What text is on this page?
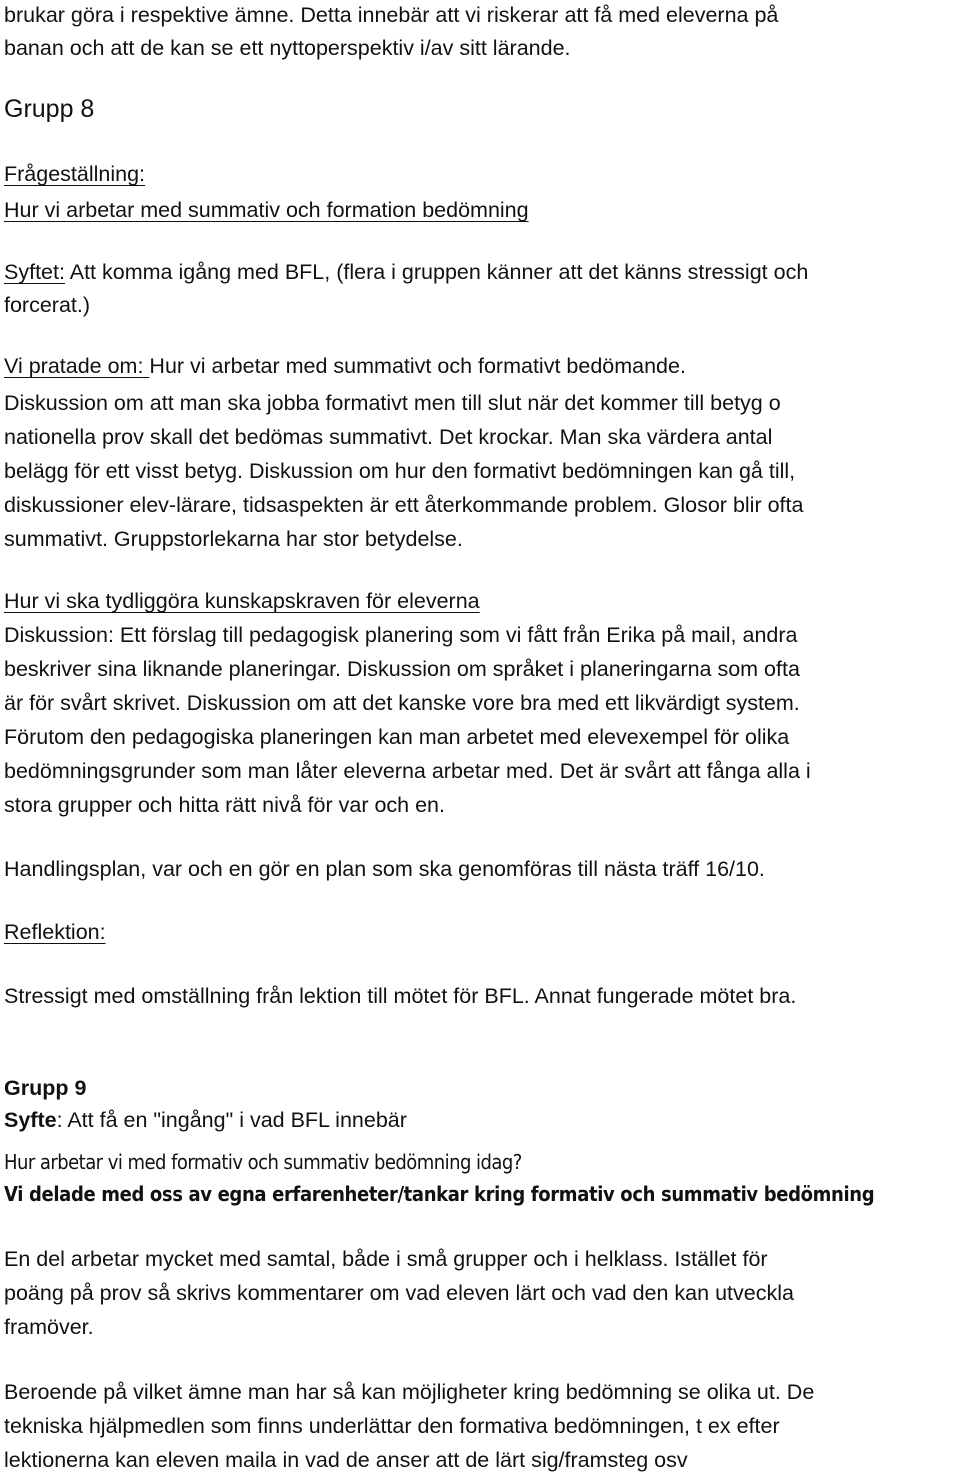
brukar göra i respektive ämne. Detta innebär att vi riskerar att få med eleverna på
banan och att de kan se ett nyttoperspektiv i/av sitt lärande.
Grupp 8
Frågeställning:
Hur vi arbetar med summativ och formation bedömning
Syftet: Att komma igång med BFL, (flera i gruppen känner att det känns stressigt och
forcerat.)
Vi pratade om: Hur vi arbetar med summativt och formativt bedömande.
Diskussion om att man ska jobba formativt men till slut när det kommer till betyg o
nationella prov skall det bedömas summativt. Det krockar. Man ska värdera antal
belägg för ett visst betyg. Diskussion om hur den formativt bedömningen kan gå till,
diskussioner elev-lärare, tidsaspekten är ett återkommande problem. Glosor blir ofta
summativt. Gruppstorlekarna har stor betydelse.
Hur vi ska tydliggöra kunskapskraven för eleverna
Diskussion: Ett förslag till pedagogisk planering som vi fått från Erika på mail, andra
beskriver sina liknande planeringar. Diskussion om språket i planeringarna som ofta
är för svårt skrivet. Diskussion om att det kanske vore bra med ett likvärdigt system.
Förutom den pedagogiska planeringen kan man arbetet med elevexempel för olika
bedömningsgrunder som man låter eleverna arbetar med. Det är svårt att fånga alla i
stora grupper och hitta rätt nivå för var och en.
Handlingsplan, var och en gör en plan som ska genomföras till nästa träff 16/10.
Reflektion:
Stressigt med omställning från lektion till mötet för BFL. Annat fungerade mötet bra.
Grupp 9
Syfte: Att få en "ingång" i vad BFL innebär
Hur arbetar vi med formativ och summativ bedömning idag?
Vi delade med oss av egna erfarenheter/tankar kring formativ och summativ bedömning
En del arbetar mycket med samtal, både i små grupper och i helklass. Istället för
poäng på prov så skrivs kommentarer om vad eleven lärt och vad den kan utveckla
framöver.
Beroende på vilket ämne man har så kan möjligheter kring bedömning se olika ut. De
tekniska hjälpmedlen som finns underlättar den formativa bedömningen, t ex efter
lektionerna kan eleven maila in vad de anser att de lärt sig/framsteg osv
